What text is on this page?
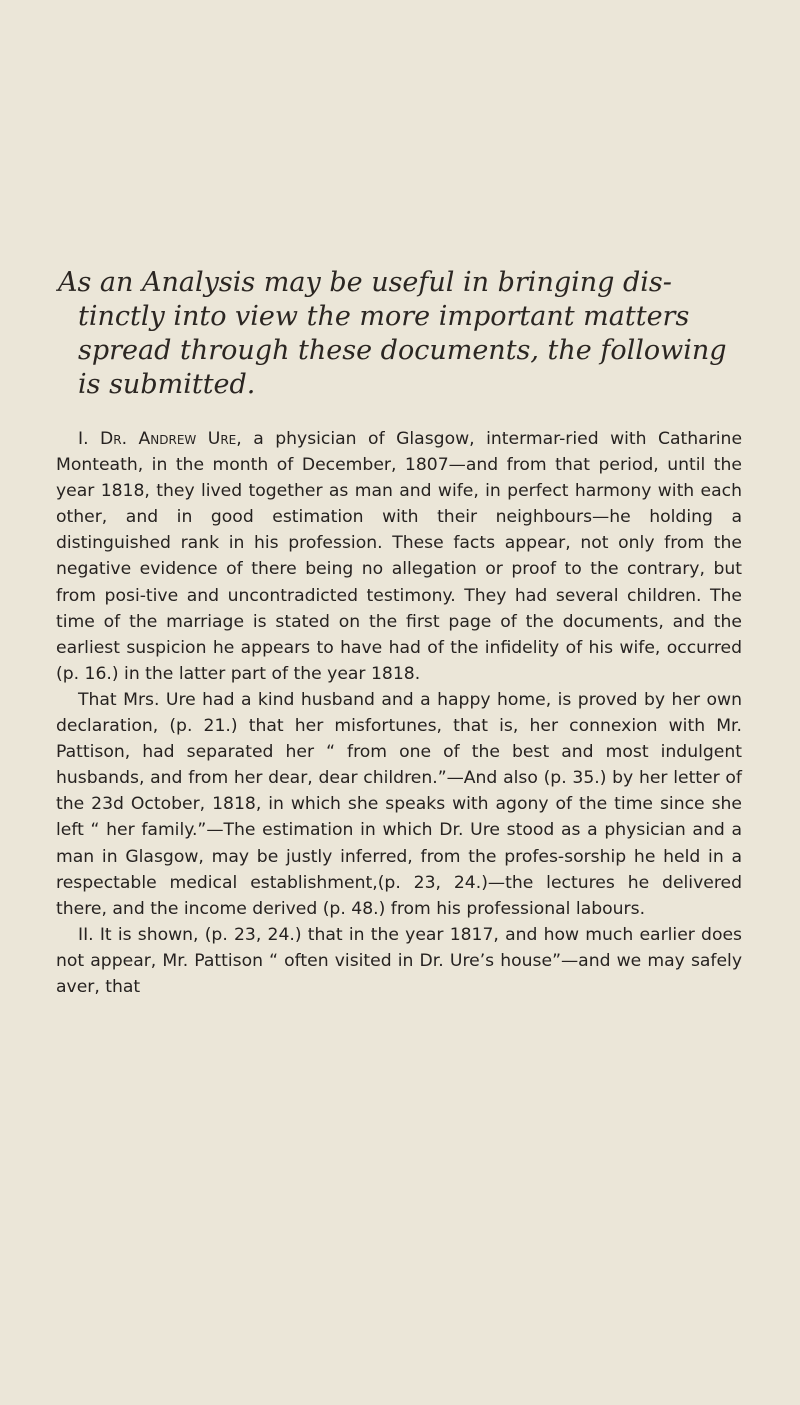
As an Analysis may be useful in bringing dis-
tinctly into view the more important matters
spread through these documents, the following
is submitted.

I. Dr. Andrew Ure, a physician of Glasgow, intermar-ried with Catharine Monteath, in the month of December, 1807—and from that period, until the year 1818, they lived together as man and wife, in perfect harmony with each other, and in good estimation with their neighbours—he holding a distinguished rank in his profession. These facts appear, not only from the negative evidence of there being no allegation or proof to the contrary, but from posi-tive and uncontradicted testimony. They had several children. The time of the marriage is stated on the first page of the documents, and the earliest suspicion he appears to have had of the infidelity of his wife, occurred (p. 16.) in the latter part of the year 1818.

That Mrs. Ure had a kind husband and a happy home, is proved by her own declaration, (p. 21.) that her misfortunes, that is, her connexion with Mr. Pattison, had separated her “ from one of the best and most indulgent husbands, and from her dear, dear children.”—And also (p. 35.) by her letter of the 23d October, 1818, in which she speaks with agony of the time since she left “ her family.”—The estimation in which Dr. Ure stood as a physician and a man in Glasgow, may be justly inferred, from the profes-sorship he held in a respectable medical establishment,(p. 23, 24.)—the lectures he delivered there, and the income derived (p. 48.) from his professional labours.

II. It is shown, (p. 23, 24.) that in the year 1817, and how much earlier does not appear, Mr. Pattison “ often visited in Dr. Ure’s house”—and we may safely aver, that
